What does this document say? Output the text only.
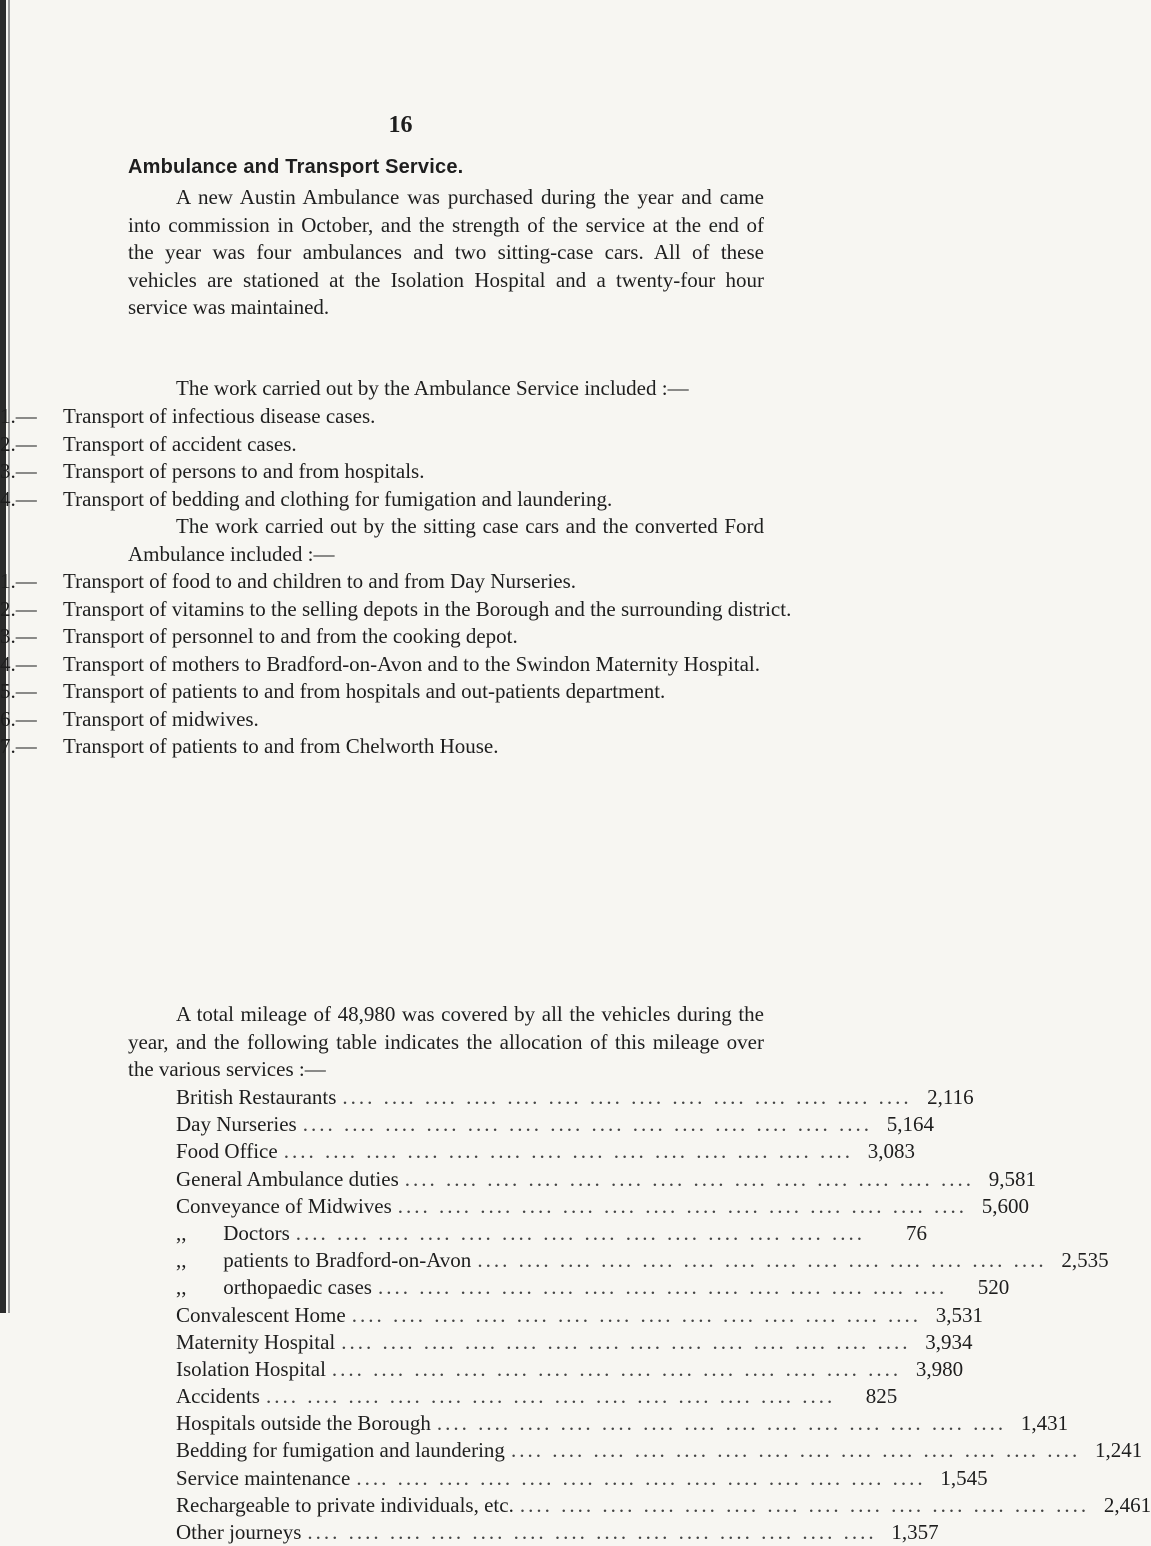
16
Ambulance and Transport Service.

A new Austin Ambulance was purchased during the year and came into commission in October, and the strength of the service at the end of the year was four ambulances and two sitting-case cars. All of these vehicles are stationed at the Isolation Hospital and a twenty-four hour service was maintained.

The work carried out by the Ambulance Service included :—

1.— Transport of infectious disease cases.
2.— Transport of accident cases.
3.— Transport of persons to and from hospitals.
4.— Transport of bedding and clothing for fumigation and laundering.

The work carried out by the sitting case cars and the converted Ford Ambulance included :—

1.— Transport of food to and children to and from Day Nurseries.
2.— Transport of vitamins to the selling depots in the Borough and the surrounding district.
3.— Transport of personnel to and from the cooking depot.
4.— Transport of mothers to Bradford-on-Avon and to the Swindon Maternity Hospital.
5.— Transport of patients to and from hospitals and out-patients department.
6.— Transport of midwives.
7.— Transport of patients to and from Chelworth House.

A total mileage of 48,980 was covered by all the vehicles during the year, and the following table indicates the allocation of this mileage over the various services :—

British Restaurants .... .... .... .... .... .... .... .... .... .... .... .... .... .... 2,116
Day Nurseries .... .... .... .... .... .... .... .... .... .... .... .... .... .... 5,164
Food Office .... .... .... .... .... .... .... .... .... .... .... .... .... .... 3,083
General Ambulance duties .... .... .... .... .... .... .... .... .... .... .... .... .... .... 9,581
Conveyance of Midwives .... .... .... .... .... .... .... .... .... .... .... .... .... .... 5,600
,,       Doctors .... .... .... .... .... .... .... .... .... .... .... .... .... ....	76
,,       patients to Bradford-on-Avon .... .... .... .... .... .... .... .... .... .... .... .... .... .... 2,535
,,       orthopaedic cases .... .... .... .... .... .... .... .... .... .... .... .... .... ....	520
Convalescent Home .... .... .... .... .... .... .... .... .... .... .... .... .... .... 3,531
Maternity Hospital .... .... .... .... .... .... .... .... .... .... .... .... .... .... 3,934
Isolation Hospital .... .... .... .... .... .... .... .... .... .... .... .... .... .... 3,980
Accidents .... .... .... .... .... .... .... .... .... .... .... .... .... ....	825
Hospitals outside the Borough .... .... .... .... .... .... .... .... .... .... .... .... .... .... 1,431
Bedding for fumigation and laundering .... .... .... .... .... .... .... .... .... .... .... .... .... .... 1,241
Service maintenance .... .... .... .... .... .... .... .... .... .... .... .... .... .... 1,545
Rechargeable to private individuals, etc. .... .... .... .... .... .... .... .... .... .... .... .... .... .... 2,461
Other journeys .... .... .... .... .... .... .... .... .... .... .... .... .... .... 1,357
